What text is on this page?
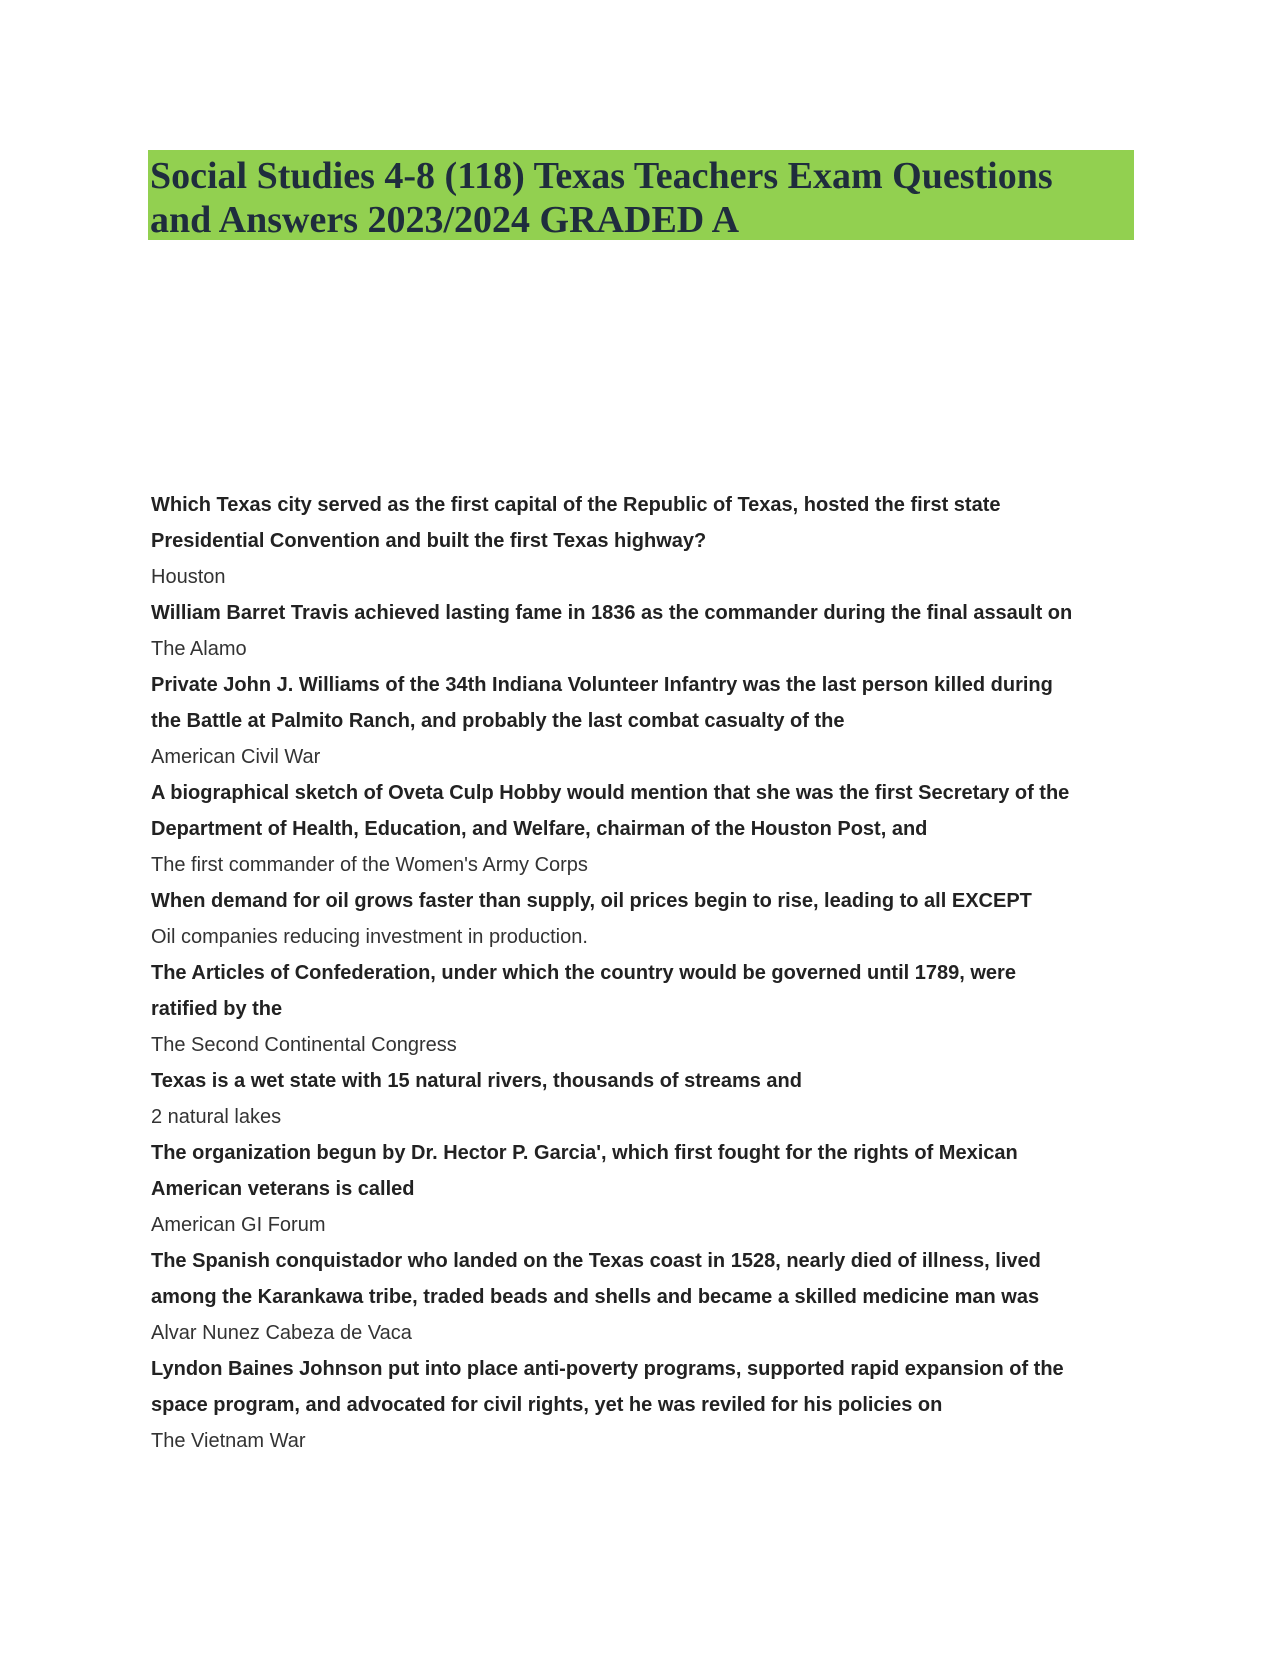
Social Studies 4-8 (118) Texas Teachers Exam Questions

and Answers 2023/2024 GRADED A

Which Texas city served as the first capital of the Republic of Texas, hosted the first state

Presidential Convention and built the first Texas highway?

Houston

William Barret Travis achieved lasting fame in 1836 as the commander during the final assault on

The Alamo

Private John J. Williams of the 34th Indiana Volunteer Infantry was the last person killed during

the Battle at Palmito Ranch, and probably the last combat casualty of the

American Civil War

A biographical sketch of Oveta Culp Hobby would mention that she was the first Secretary of the

Department of Health, Education, and Welfare, chairman of the Houston Post, and

The first commander of the Women's Army Corps

When demand for oil grows faster than supply, oil prices begin to rise, leading to all EXCEPT

Oil companies reducing investment in production.

The Articles of Confederation, under which the country would be governed until 1789, were

ratified by the

The Second Continental Congress

Texas is a wet state with 15 natural rivers, thousands of streams and

2 natural lakes

The organization begun by Dr. Hector P. Garcia', which first fought for the rights of Mexican

American veterans is called

American GI Forum

The Spanish conquistador who landed on the Texas coast in 1528, nearly died of illness, lived

among the Karankawa tribe, traded beads and shells and became a skilled medicine man was

Alvar Nunez Cabeza de Vaca

Lyndon Baines Johnson put into place anti-poverty programs, supported rapid expansion of the

space program, and advocated for civil rights, yet he was reviled for his policies on

The Vietnam War
